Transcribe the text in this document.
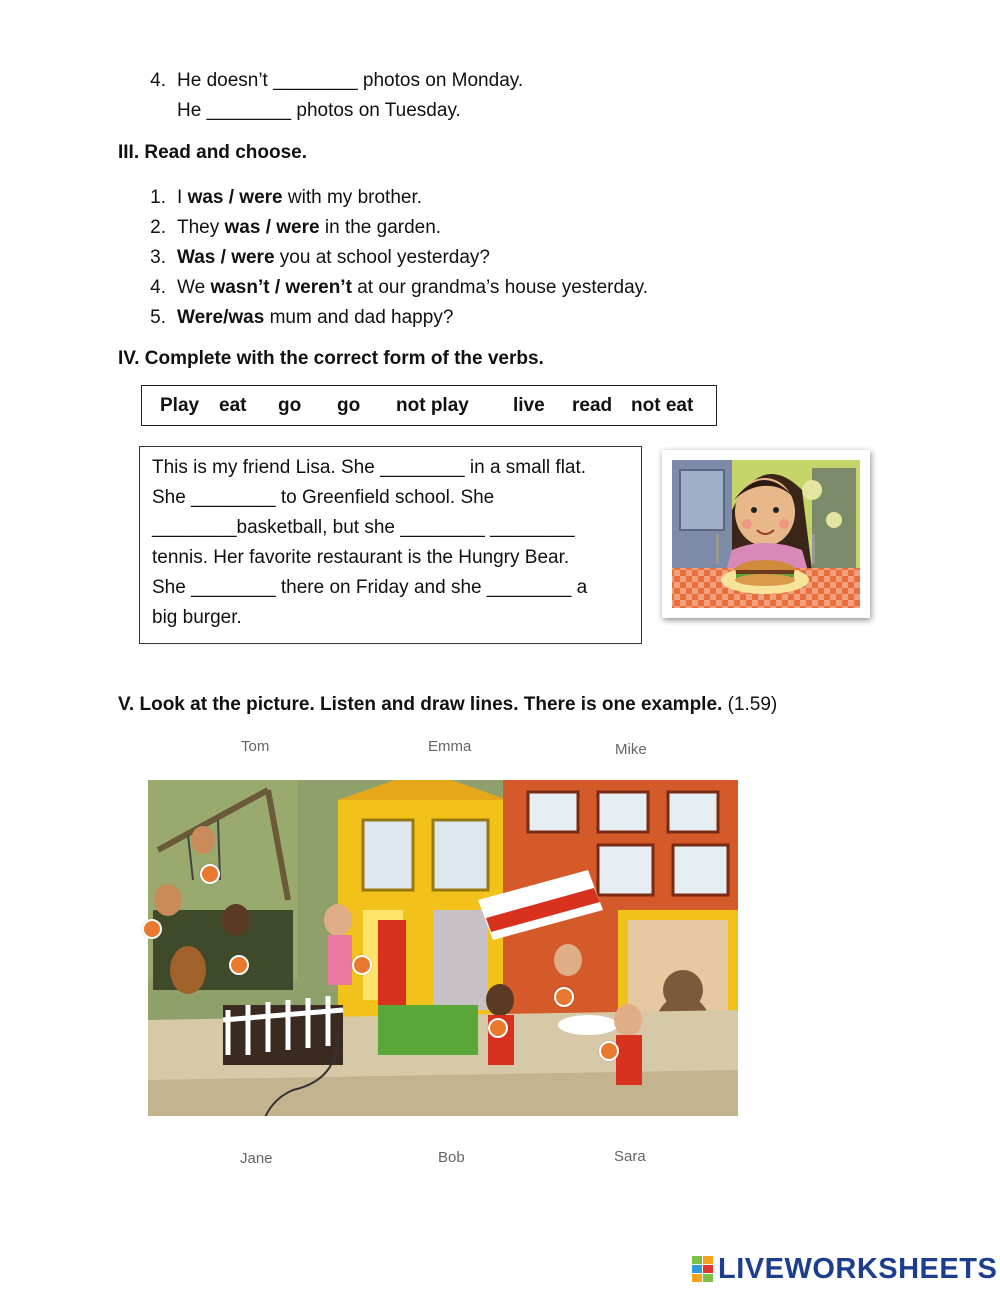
4. He doesn’t ________ photos on Monday.
He ________ photos on Tuesday.
III. Read and choose.
1. I was / were with my brother.
2. They was / were in the garden.
3. Was / were you at school yesterday?
4. We wasn’t / weren’t at our grandma’s house yesterday.
5. Were/was mum and dad happy?
IV. Complete with the correct form of the verbs.
Play eat go go not play live read not eat
This is my friend Lisa. She ________ in a small flat.
She ________ to Greenfield school. She
________basketball, but she ________ ________
tennis. Her favorite restaurant is the Hungry Bear.
She ________ there on Friday and she ________ a
big burger.
V. Look at the picture. Listen and draw lines. There is one example. (1.59)
Tom	Emma	Mike
Jane	Bob	Sara
LIVEWORKSHEETS
